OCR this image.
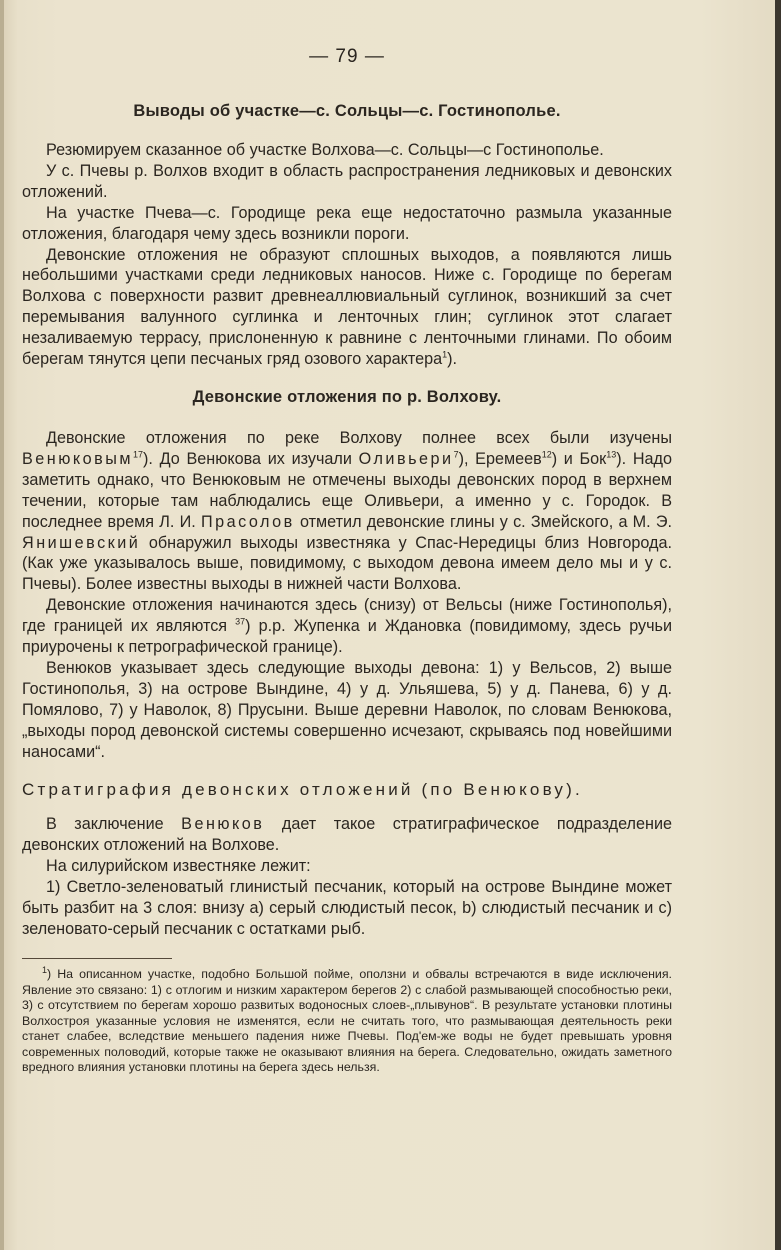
— 79 —
Выводы об участке—с. Сольцы—с. Гостинополье.

Резюмируем сказанное об участке Волхова—с. Сольцы—с Гостинополье.

У с. Пчевы р. Волхов входит в область распространения ледниковых и девонских отложений.

На участке Пчева—с. Городище река еще недостаточно размыла указанные отложения, благодаря чему здесь возникли пороги.

Девонские отложения не образуют сплошных выходов, а появляются лишь небольшими участками среди ледниковых наносов. Ниже с. Городище по берегам Волхова с поверхности развит древнеаллювиальный суглинок, возникший за счет перемывания валунного суглинка и ленточных глин; суглинок этот слагает незаливаемую террасу, прислоненную к равнине с ленточными глинами. По обоим берегам тянутся цепи песчаных гряд озового характера$^1$).

Девонские отложения по р. Волхову.

Девонские отложения по реке Волхову полнее всех были изучены Венюковым$^{17}$). До Венюкова их изучали Оливьери$^7$), Еремеев$^{12}$) и Бок$^{13}$). Надо заметить однако, что Венюковым не отмечены выходы девонских пород в верхнем течении, которые там наблюдались еще Оливьери, а именно у с. Городок. В последнее время Л. И. Прасолов отметил девонские глины у с. Змейского, а М. Э. Янишевский обнаружил выходы известняка у Спас-Нередицы близ Новгорода. (Как уже указывалось выше, повидимому, с выходом девона имеем дело мы и у с. Пчевы). Более известны выходы в нижней части Волхова.

Девонские отложения начинаются здесь (снизу) от Вельсы (ниже Гостинополья), где границей их являются $^{37}$) р.р. Жупенка и Ждановка (повидимому, здесь ручьи приурочены к петрографической границе).

Венюков указывает здесь следующие выходы девона: 1) у Вельсов, 2) выше Гостинополья, 3) на острове Вындине, 4) у д. Ульяшева, 5) у д. Панева, 6) у д. Помялово, 7) у Наволок, 8) Прусыни. Выше деревни Наволок, по словам Венюкова, „выходы пород девонской системы совершенно исчезают, скрываясь под новейшими наносами“.

Стратиграфия девонских отложений (по Венюкову).

В заключение Венюков дает такое стратиграфическое подразделение девонских отложений на Волхове.

На силурийском известняке лежит:

1) Светло-зеленоватый глинистый песчаник, который на острове Вындине может быть разбит на 3 слоя: внизу a) серый слюдистый песок, b) слюдистый песчаник и c) зеленовато-серый песчаник с остатками рыб.

$^1$) На описанном участке, подобно Большой пойме, оползни и обвалы встречаются в виде исключения. Явление это связано: 1) с отлогим и низким характером берегов 2) с слабой размывающей способностью реки, 3) с отсутствием по берегам хорошо развитых водоносных слоев-„плывунов“. В результате установки плотины Волхостроя указанные условия не изменятся, если не считать того, что размывающая деятельность реки станет слабее, вследствие меньшего падения ниже Пчевы. Под'ем-же воды не будет превышать уровня современных половодий, которые также не оказывают влияния на берега. Следовательно, ожидать заметного вредного влияния установки плотины на берега здесь нельзя.
